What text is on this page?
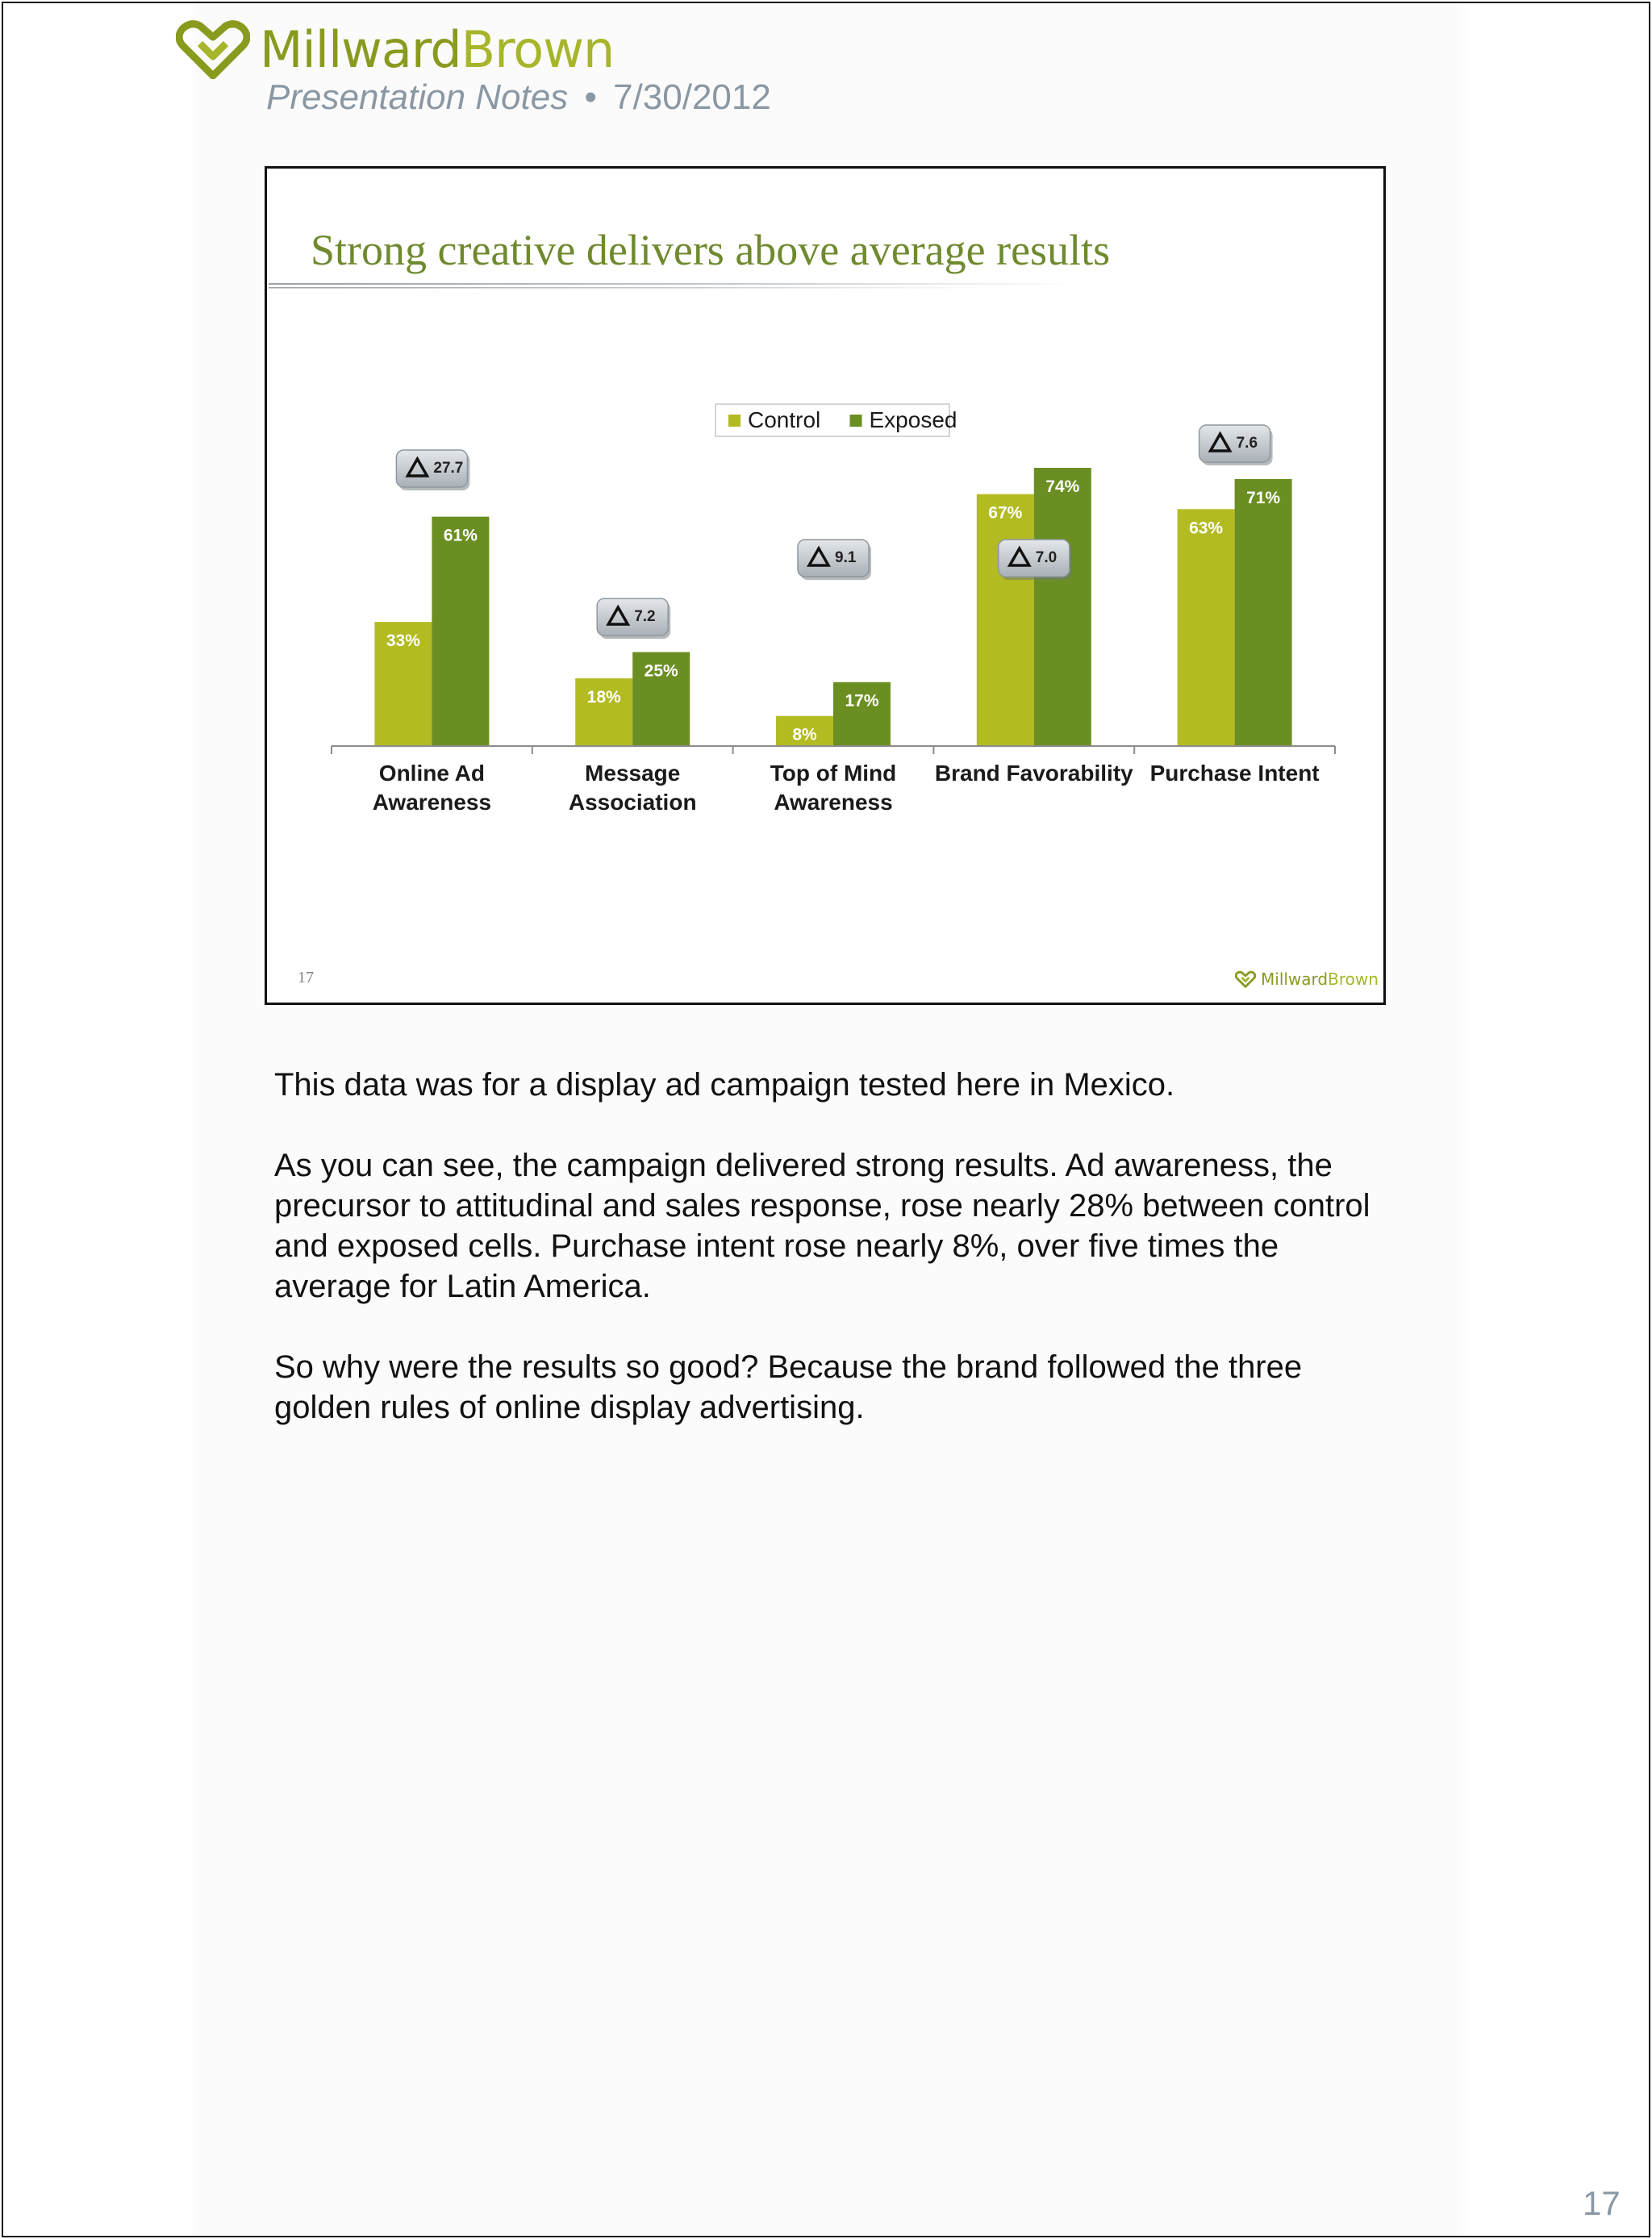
MillwardBrown
Presentation Notes • 7/30/2012
Strong creative delivers above average results
Control Exposed
33%
61%
18%
25%
8%
17%
67%
74%
63%
71%
Online Ad
Awareness
Message
Association
Top of Mind
Awareness
Brand Favorability Purchase Intent
27.7
7.2
9.1	7.0
7.6
17	MillwardBrown

This data was for a display ad campaign tested here in Mexico.

As you can see, the campaign delivered strong results. Ad awareness, the precursor to attitudinal and sales response, rose nearly 28% between control and exposed cells. Purchase intent rose nearly 8%, over five times the average for Latin America.

So why were the results so good? Because the brand followed the three golden rules of online display advertising.

17
